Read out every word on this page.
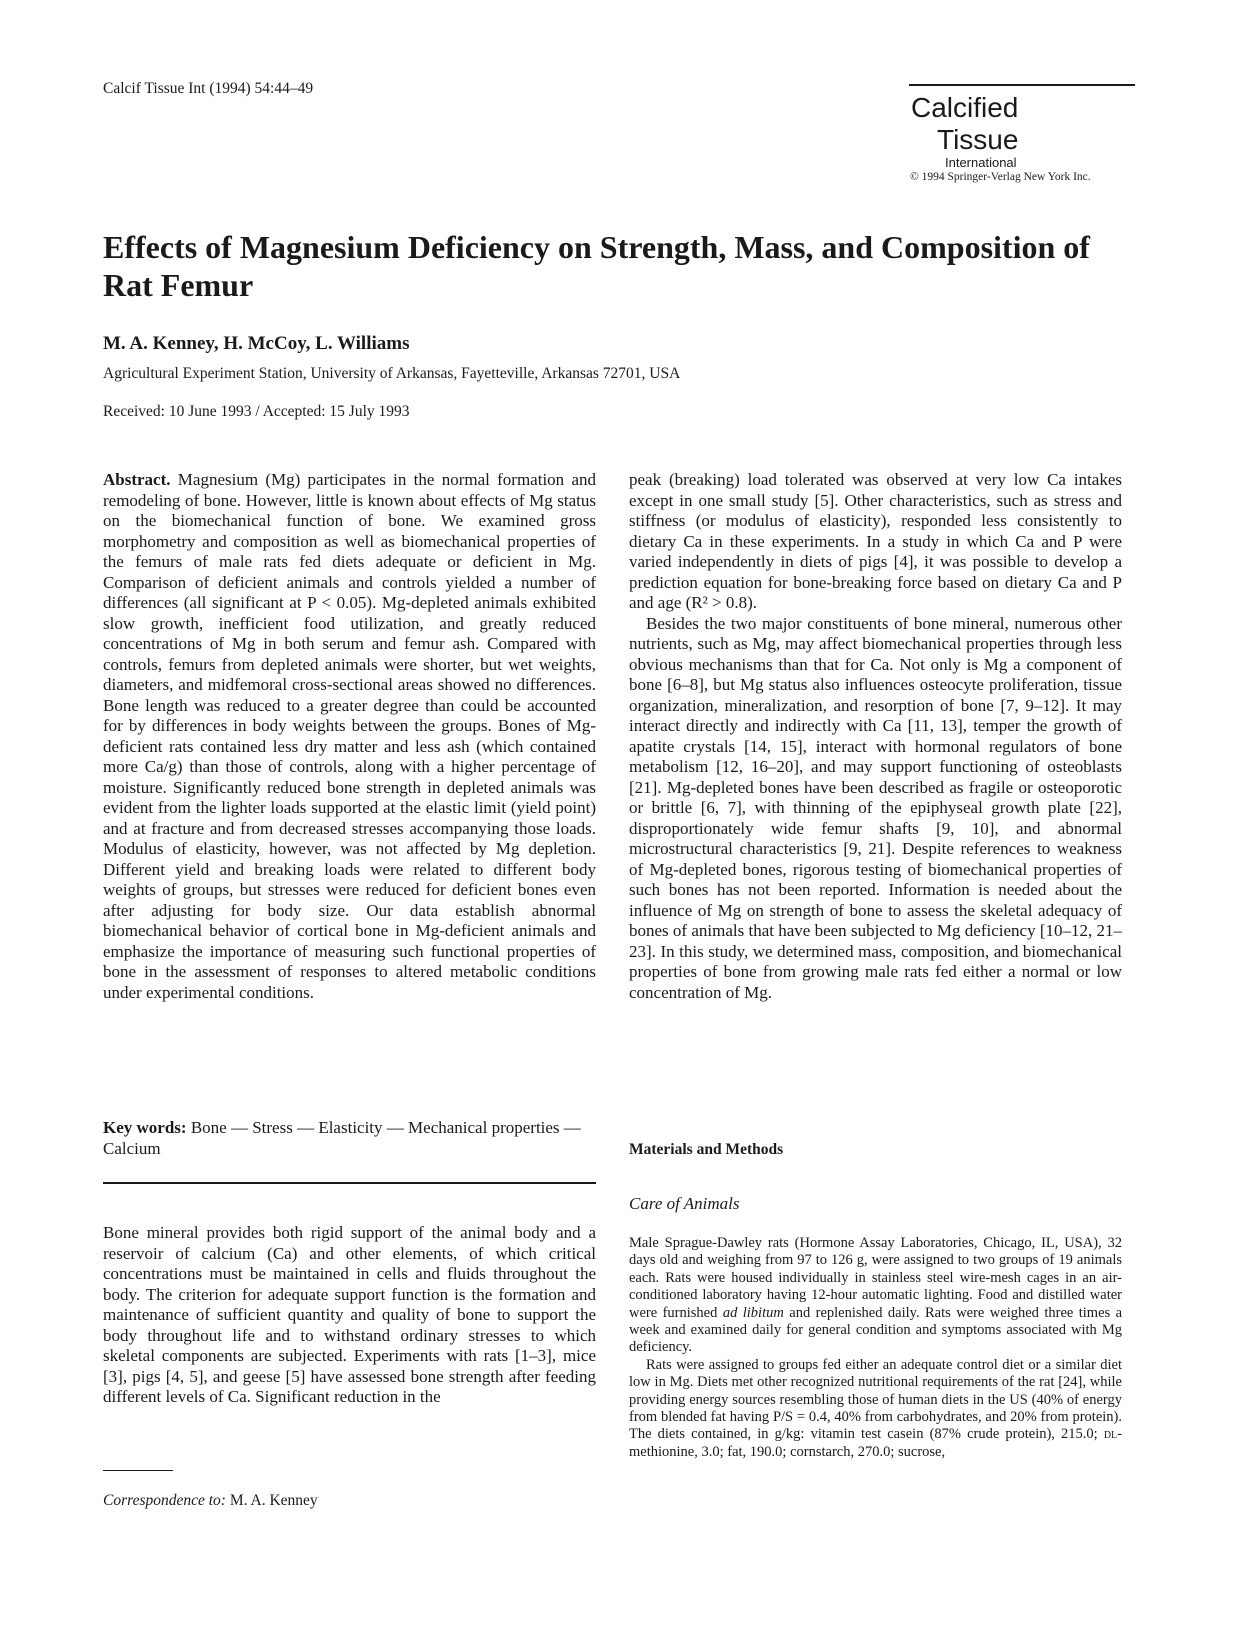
Calcif Tissue Int (1994) 54:44–49
Calcified
Tissue
International
© 1994 Springer-Verlag New York Inc.
Effects of Magnesium Deficiency on Strength, Mass, and Composition of Rat Femur
M. A. Kenney, H. McCoy, L. Williams
Agricultural Experiment Station, University of Arkansas, Fayetteville, Arkansas 72701, USA
Received: 10 June 1993 / Accepted: 15 July 1993

Abstract. Magnesium (Mg) participates in the normal formation and remodeling of bone. However, little is known about effects of Mg status on the biomechanical function of bone. We examined gross morphometry and composition as well as biomechanical properties of the femurs of male rats fed diets adequate or deficient in Mg. Comparison of deficient animals and controls yielded a number of differences (all significant at P < 0.05). Mg-depleted animals exhibited slow growth, inefficient food utilization, and greatly reduced concentrations of Mg in both serum and femur ash. Compared with controls, femurs from depleted animals were shorter, but wet weights, diameters, and midfemoral cross-sectional areas showed no differences. Bone length was reduced to a greater degree than could be accounted for by differences in body weights between the groups. Bones of Mg-deficient rats contained less dry matter and less ash (which contained more Ca/g) than those of controls, along with a higher percentage of moisture. Significantly reduced bone strength in depleted animals was evident from the lighter loads supported at the elastic limit (yield point) and at fracture and from decreased stresses accompanying those loads. Modulus of elasticity, however, was not affected by Mg depletion. Different yield and breaking loads were related to different body weights of groups, but stresses were reduced for deficient bones even after adjusting for body size. Our data establish abnormal biomechanical behavior of cortical bone in Mg-deficient animals and emphasize the importance of measuring such functional properties of bone in the assessment of responses to altered metabolic conditions under experimental conditions.

Key words: Bone — Stress — Elasticity — Mechanical properties — Calcium

Bone mineral provides both rigid support of the animal body and a reservoir of calcium (Ca) and other elements, of which critical concentrations must be maintained in cells and fluids throughout the body. The criterion for adequate support function is the formation and maintenance of sufficient quantity and quality of bone to support the body throughout life and to withstand ordinary stresses to which skeletal components are subjected. Experiments with rats [1–3], mice [3], pigs [4, 5], and geese [5] have assessed bone strength after feeding different levels of Ca. Significant reduction in the

Correspondence to: M. A. Kenney

peak (breaking) load tolerated was observed at very low Ca intakes except in one small study [5]. Other characteristics, such as stress and stiffness (or modulus of elasticity), responded less consistently to dietary Ca in these experiments. In a study in which Ca and P were varied independently in diets of pigs [4], it was possible to develop a prediction equation for bone-breaking force based on dietary Ca and P and age (R² > 0.8).

Besides the two major constituents of bone mineral, numerous other nutrients, such as Mg, may affect biomechanical properties through less obvious mechanisms than that for Ca. Not only is Mg a component of bone [6–8], but Mg status also influences osteocyte proliferation, tissue organization, mineralization, and resorption of bone [7, 9–12]. It may interact directly and indirectly with Ca [11, 13], temper the growth of apatite crystals [14, 15], interact with hormonal regulators of bone metabolism [12, 16–20], and may support functioning of osteoblasts [21]. Mg-depleted bones have been described as fragile or osteoporotic or brittle [6, 7], with thinning of the epiphyseal growth plate [22], disproportionately wide femur shafts [9, 10], and abnormal microstructural characteristics [9, 21]. Despite references to weakness of Mg-depleted bones, rigorous testing of biomechanical properties of such bones has not been reported. Information is needed about the influence of Mg on strength of bone to assess the skeletal adequacy of bones of animals that have been subjected to Mg deficiency [10–12, 21–23]. In this study, we determined mass, composition, and biomechanical properties of bone from growing male rats fed either a normal or low concentration of Mg.

Materials and Methods
Care of Animals

Male Sprague-Dawley rats (Hormone Assay Laboratories, Chicago, IL, USA), 32 days old and weighing from 97 to 126 g, were assigned to two groups of 19 animals each. Rats were housed individually in stainless steel wire-mesh cages in an air-conditioned laboratory having 12-hour automatic lighting. Food and distilled water were furnished ad libitum and replenished daily. Rats were weighed three times a week and examined daily for general condition and symptoms associated with Mg deficiency.

Rats were assigned to groups fed either an adequate control diet or a similar diet low in Mg. Diets met other recognized nutritional requirements of the rat [24], while providing energy sources resembling those of human diets in the US (40% of energy from blended fat having P/S = 0.4, 40% from carbohydrates, and 20% from protein). The diets contained, in g/kg: vitamin test casein (87% crude protein), 215.0; dl-methionine, 3.0; fat, 190.0; cornstarch, 270.0; sucrose,
